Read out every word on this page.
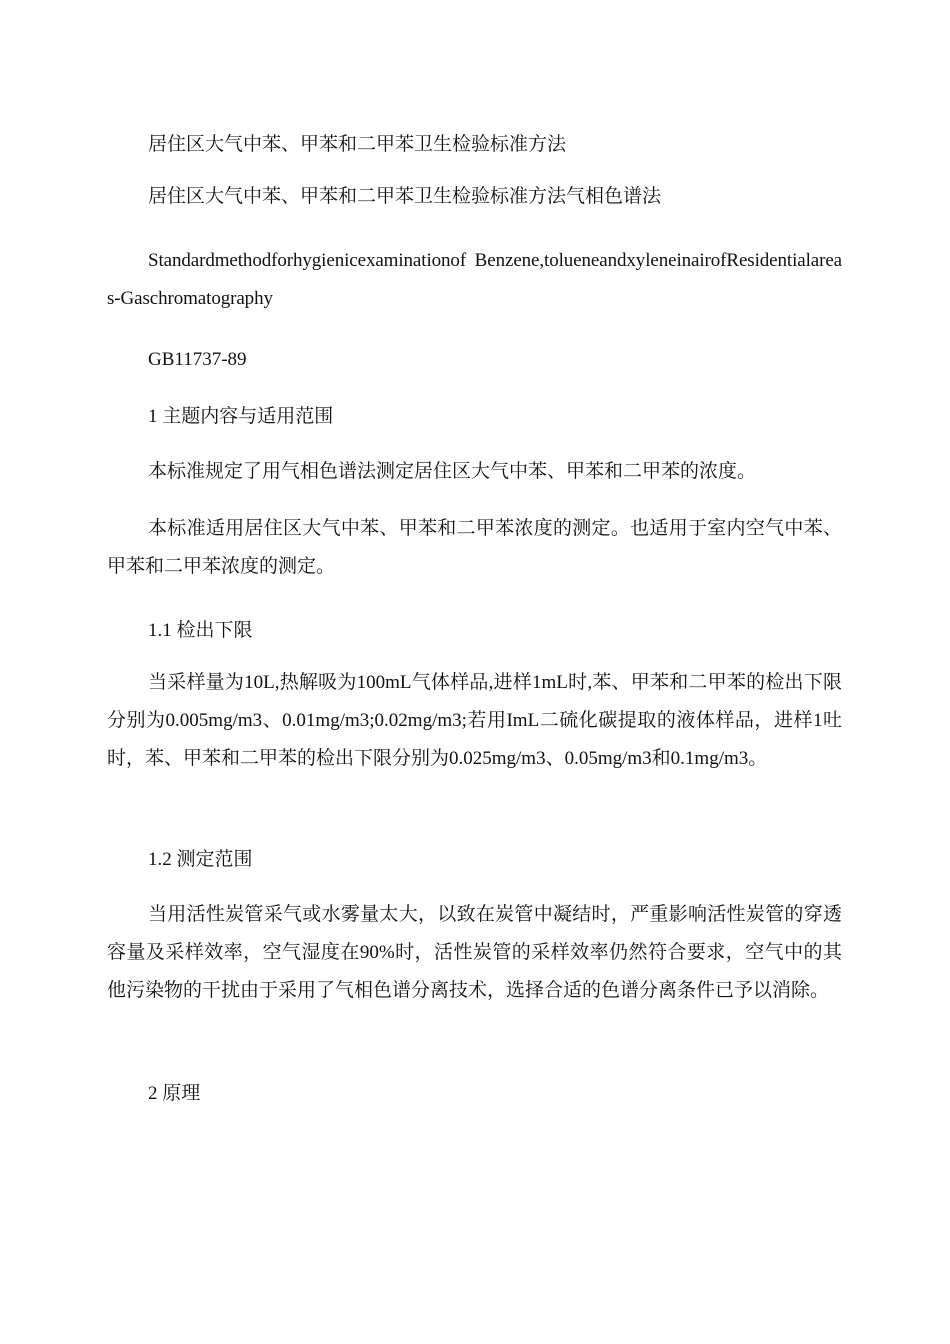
居住区大气中苯、甲苯和二甲苯卫生检验标准方法

居住区大气中苯、甲苯和二甲苯卫生检验标准方法气相色谱法

Standardmethodforhygienicexaminationof Benzene,tolueneandxyleneinairofResidentialareas-Gaschromatography

GB11737-89

1 主题内容与适用范围

本标准规定了用气相色谱法测定居住区大气中苯、甲苯和二甲苯的浓度。

本标准适用居住区大气中苯、甲苯和二甲苯浓度的测定。也适用于室内空气中苯、甲苯和二甲苯浓度的测定。

1.1 检出下限

当采样量为10L,热解吸为100mL气体样品,进样1mL时,苯、甲苯和二甲苯的检出下限分别为0.005mg/m3、0.01mg/m3;0.02mg/m3;若用ImL二硫化碳提取的液体样品，进样1吐时，苯、甲苯和二甲苯的检出下限分别为0.025mg/m3、0.05mg/m3和0.1mg/m3。

1.2 测定范围

当用活性炭管采气或水雾量太大，以致在炭管中凝结时，严重影响活性炭管的穿透容量及采样效率，空气湿度在90%时，活性炭管的采样效率仍然符合要求，空气中的其他污染物的干扰由于采用了气相色谱分离技术，选择合适的色谱分离条件已予以消除。

2 原理
